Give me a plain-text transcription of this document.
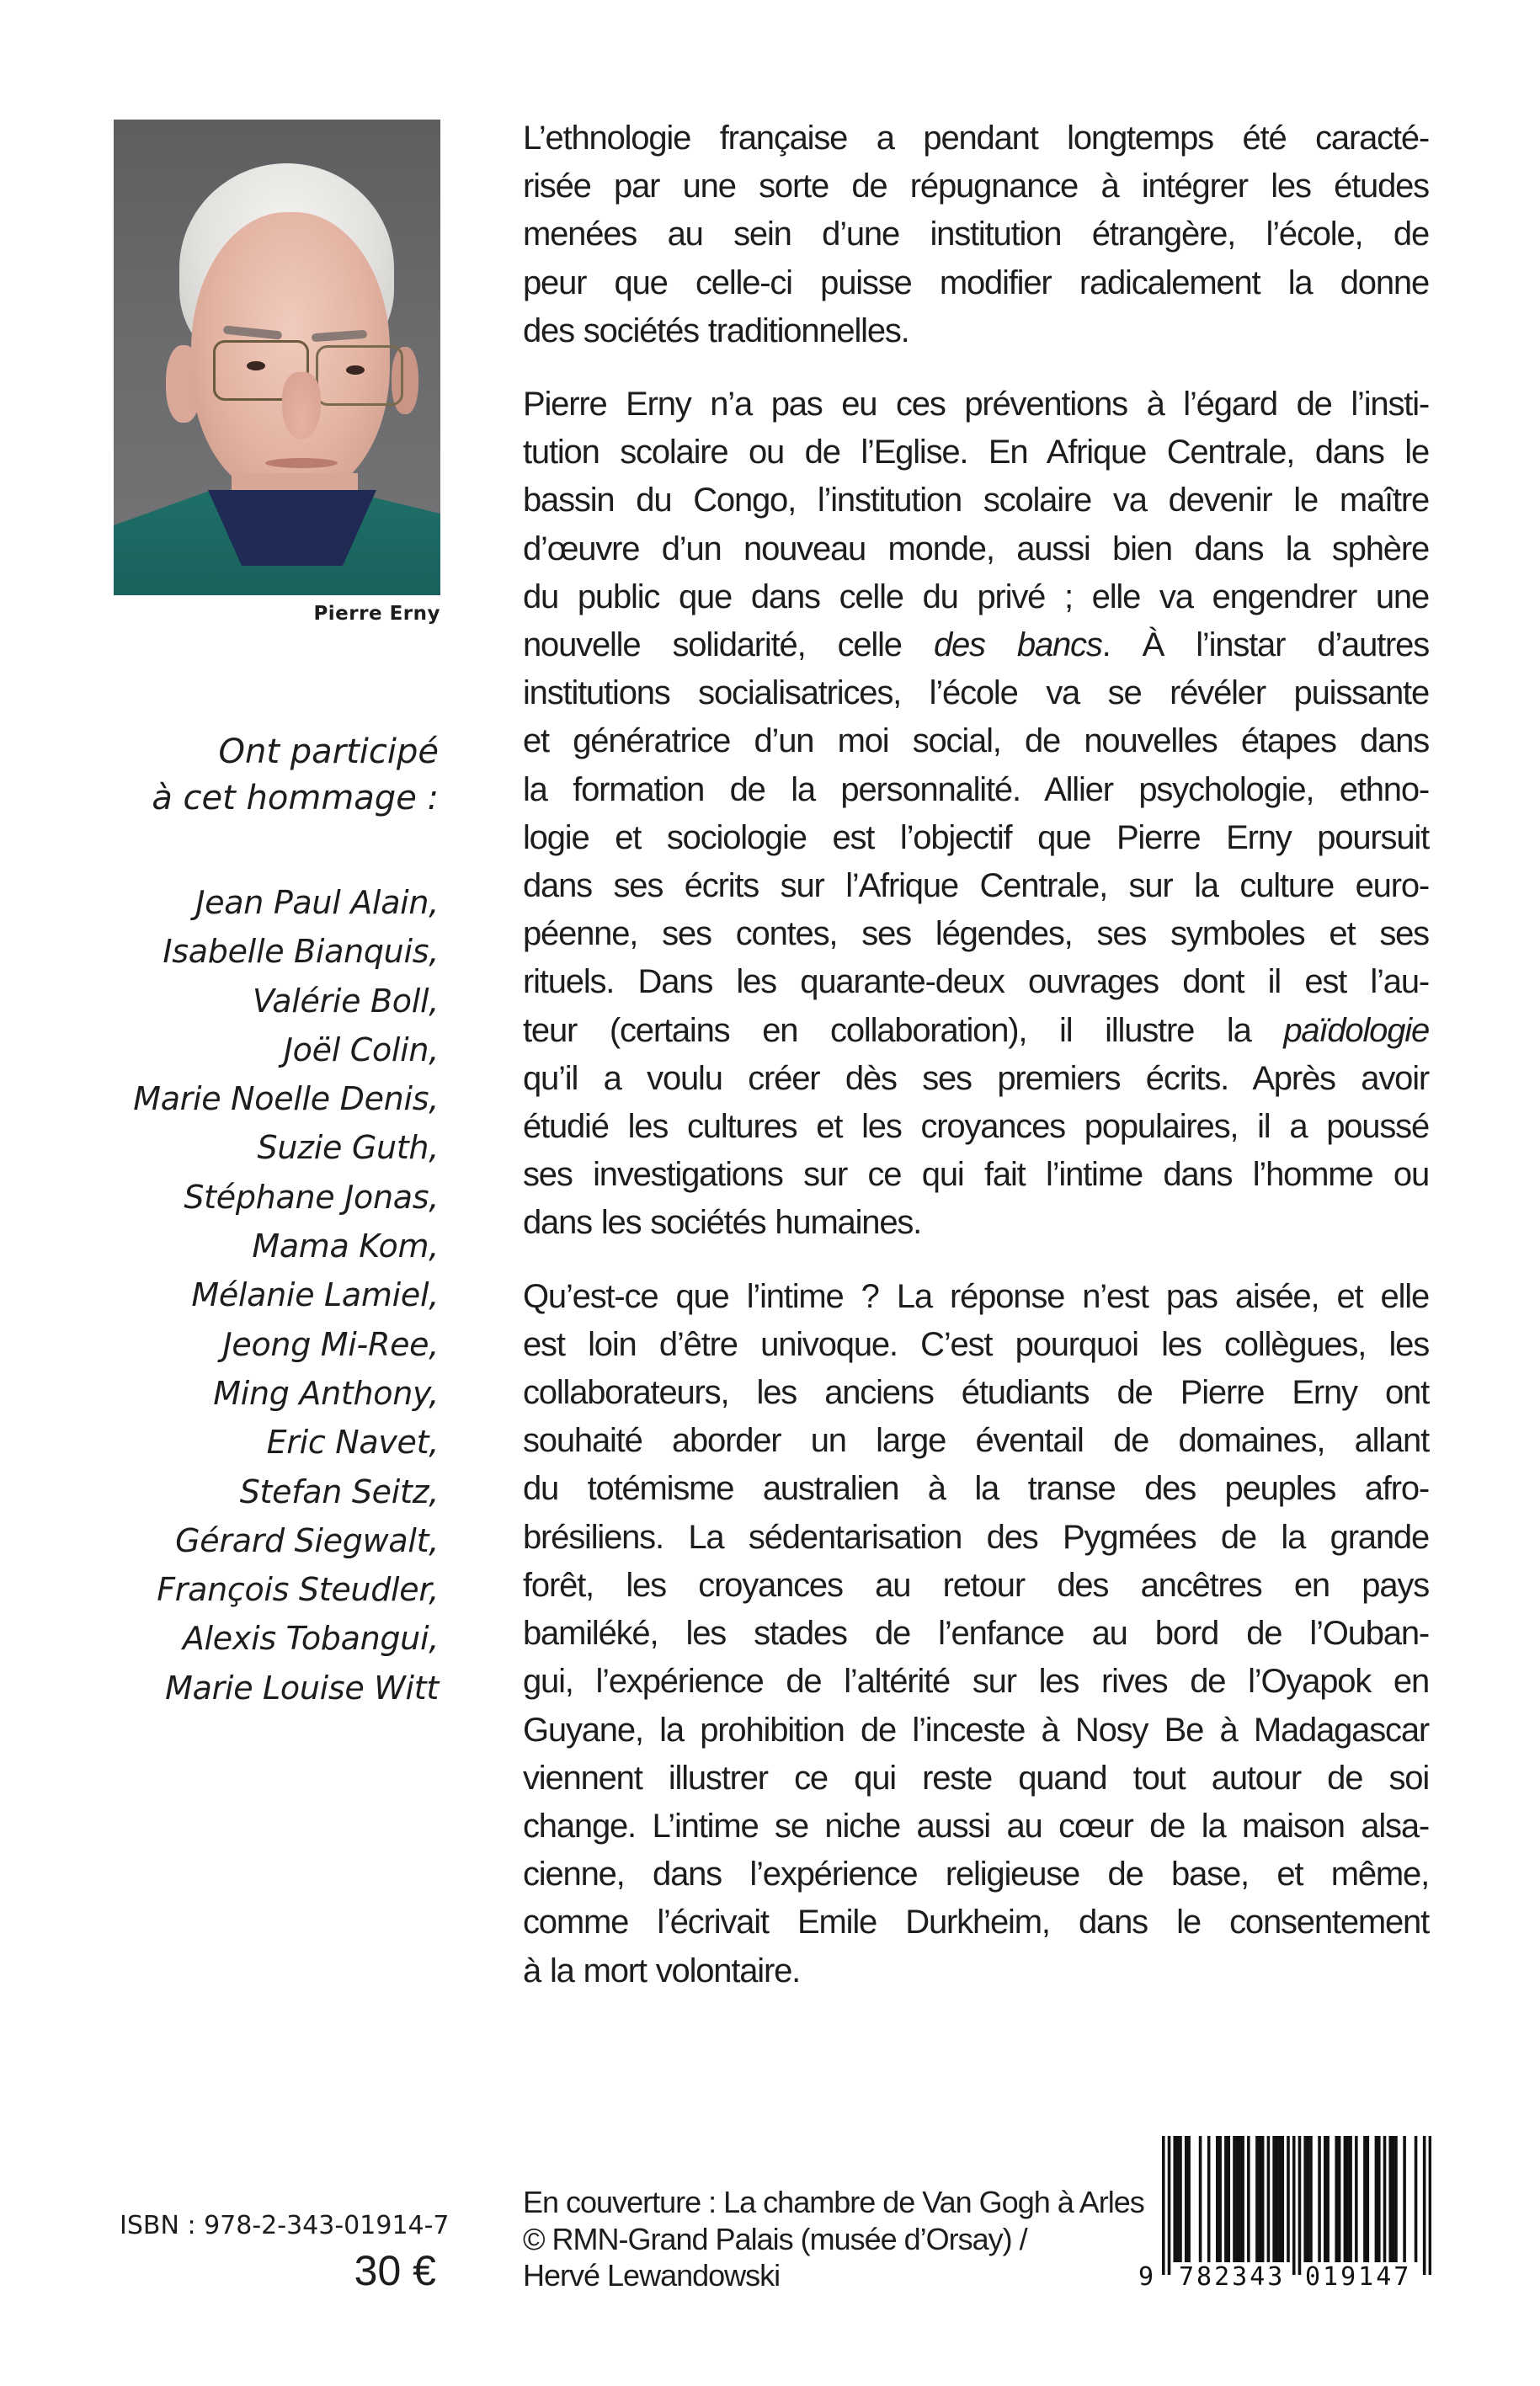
Pierre Erny
Ont participé
à cet hommage :
Jean Paul Alain,
Isabelle Bianquis,
Valérie Boll,
Joël Colin,
Marie Noelle Denis,
Suzie Guth,
Stéphane Jonas,
Mama Kom,
Mélanie Lamiel,
Jeong Mi-Ree,
Ming Anthony,
Eric Navet,
Stefan Seitz,
Gérard Siegwalt,
François Steudler,
Alexis Tobangui,
Marie Louise Witt

L’ethnologie française a pendant longtemps été caracté-
risée par une sorte de répugnance à intégrer les études
menées au sein d’une institution étrangère, l’école, de
peur que celle-ci puisse modifier radicalement la donne
des sociétés traditionnelles.

Pierre Erny n’a pas eu ces préventions à l’égard de l’insti-
tution scolaire ou de l’Eglise. En Afrique Centrale, dans le
bassin du Congo, l’institution scolaire va devenir le maître
d’œuvre d’un nouveau monde, aussi bien dans la sphère
du public que dans celle du privé ; elle va engendrer une
nouvelle solidarité, celle des bancs. À l’instar d’autres
institutions socialisatrices, l’école va se révéler puissante
et génératrice d’un moi social, de nouvelles étapes dans
la formation de la personnalité. Allier psychologie, ethno-
logie et sociologie est l’objectif que Pierre Erny poursuit
dans ses écrits sur l’Afrique Centrale, sur la culture euro-
péenne, ses contes, ses légendes, ses symboles et ses
rituels. Dans les quarante-deux ouvrages dont il est l’au-
teur (certains en collaboration), il illustre la païdologie
qu’il a voulu créer dès ses premiers écrits. Après avoir
étudié les cultures et les croyances populaires, il a poussé
ses investigations sur ce qui fait l’intime dans l’homme ou
dans les sociétés humaines.

Qu’est-ce que l’intime ? La réponse n’est pas aisée, et elle
est loin d’être univoque. C’est pourquoi les collègues, les
collaborateurs, les anciens étudiants de Pierre Erny ont
souhaité aborder un large éventail de domaines, allant
du totémisme australien à la transe des peuples afro-
brésiliens. La sédentarisation des Pygmées de la grande
forêt, les croyances au retour des ancêtres en pays
bamiléké, les stades de l’enfance au bord de l’Ouban-
gui, l’expérience de l’altérité sur les rives de l’Oyapok en
Guyane, la prohibition de l’inceste à Nosy Be à Madagascar
viennent illustrer ce qui reste quand tout autour de soi
change. L’intime se niche aussi au cœur de la maison alsa-
cienne, dans l’expérience religieuse de base, et même,
comme l’écrivait Emile Durkheim, dans le consentement
à la mort volontaire.

ISBN : 978-2-343-01914-7
30 €
En couverture : La chambre de Van Gogh à Arles
© RMN-Grand Palais (musée d’Orsay) /
Hervé Lewandowski	9 782343 019147
